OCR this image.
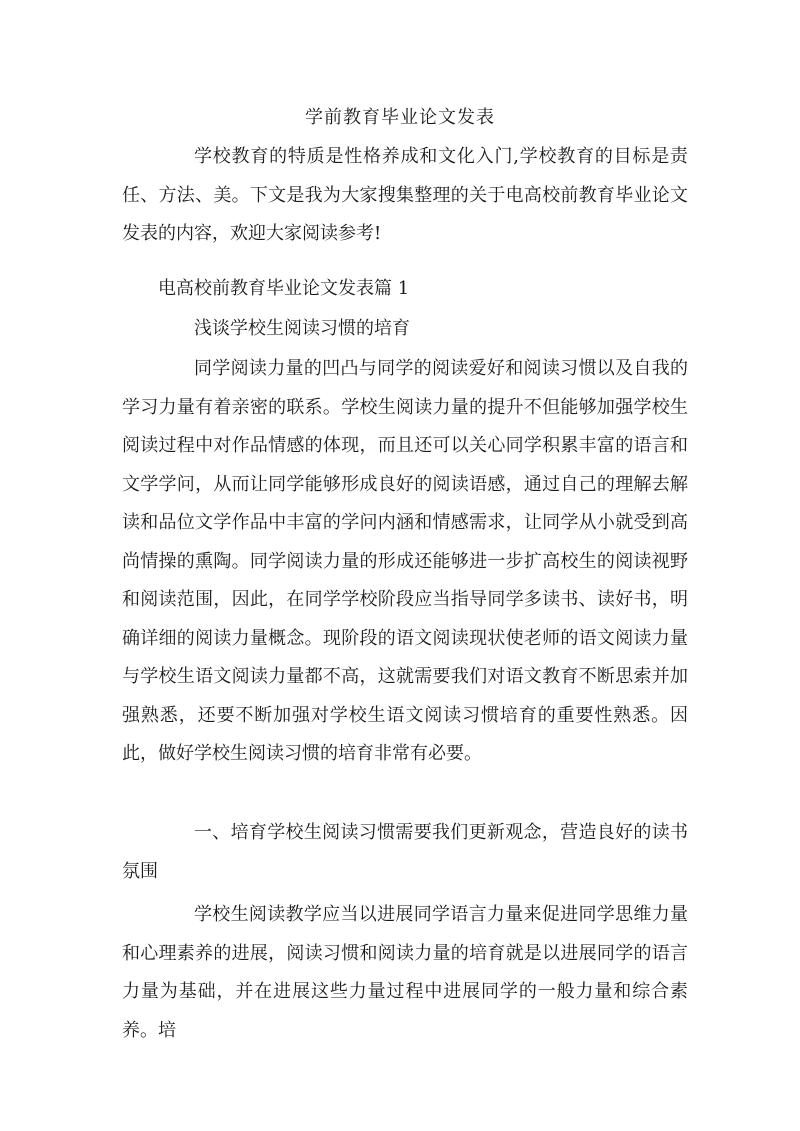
学前教育毕业论文发表

学校教育的特质是性格养成和文化入门,学校教育的目标是责任、方法、美。下文是我为大家搜集整理的关于电高校前教育毕业论文发表的内容，欢迎大家阅读参考!

电高校前教育毕业论文发表篇 1
浅谈学校生阅读习惯的培育

同学阅读力量的凹凸与同学的阅读爱好和阅读习惯以及自我的学习力量有着亲密的联系。学校生阅读力量的提升不但能够加强学校生阅读过程中对作品情感的体现，而且还可以关心同学积累丰富的语言和文学学问，从而让同学能够形成良好的阅读语感，通过自己的理解去解读和品位文学作品中丰富的学问内涵和情感需求，让同学从小就受到高尚情操的熏陶。同学阅读力量的形成还能够进一步扩高校生的阅读视野和阅读范围，因此，在同学学校阶段应当指导同学多读书、读好书，明确详细的阅读力量概念。现阶段的语文阅读现状使老师的语文阅读力量与学校生语文阅读力量都不高，这就需要我们对语文教育不断思索并加强熟悉，还要不断加强对学校生语文阅读习惯培育的重要性熟悉。因此，做好学校生阅读习惯的培育非常有必要。

一、培育学校生阅读习惯需要我们更新观念，营造良好的读书氛围

学校生阅读教学应当以进展同学语言力量来促进同学思维力量和心理素养的进展，阅读习惯和阅读力量的培育就是以进展同学的语言力量为基础，并在进展这些力量过程中进展同学的一般力量和综合素养。培
